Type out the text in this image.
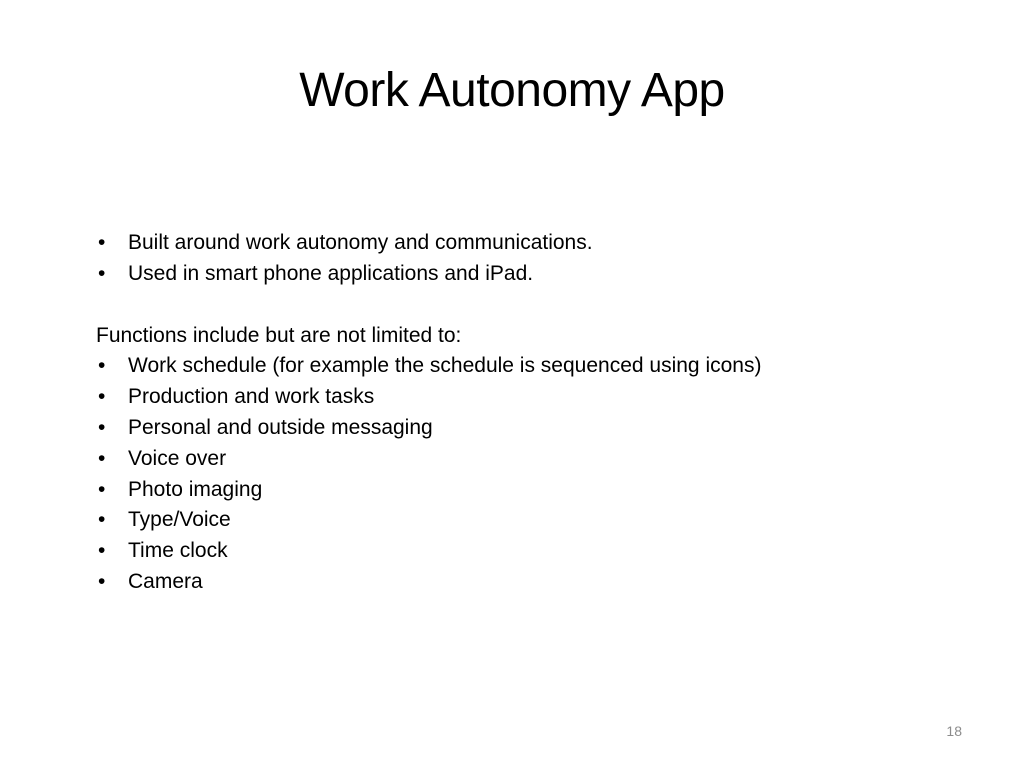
Work Autonomy App
• Built around work autonomy and communications.
• Used in smart phone applications and iPad.
Functions include but are not limited to:
• Work schedule (for example the schedule is sequenced using icons)
• Production and work tasks
• Personal and outside messaging
• Voice over
• Photo imaging
• Type/Voice
• Time clock
• Camera
18
